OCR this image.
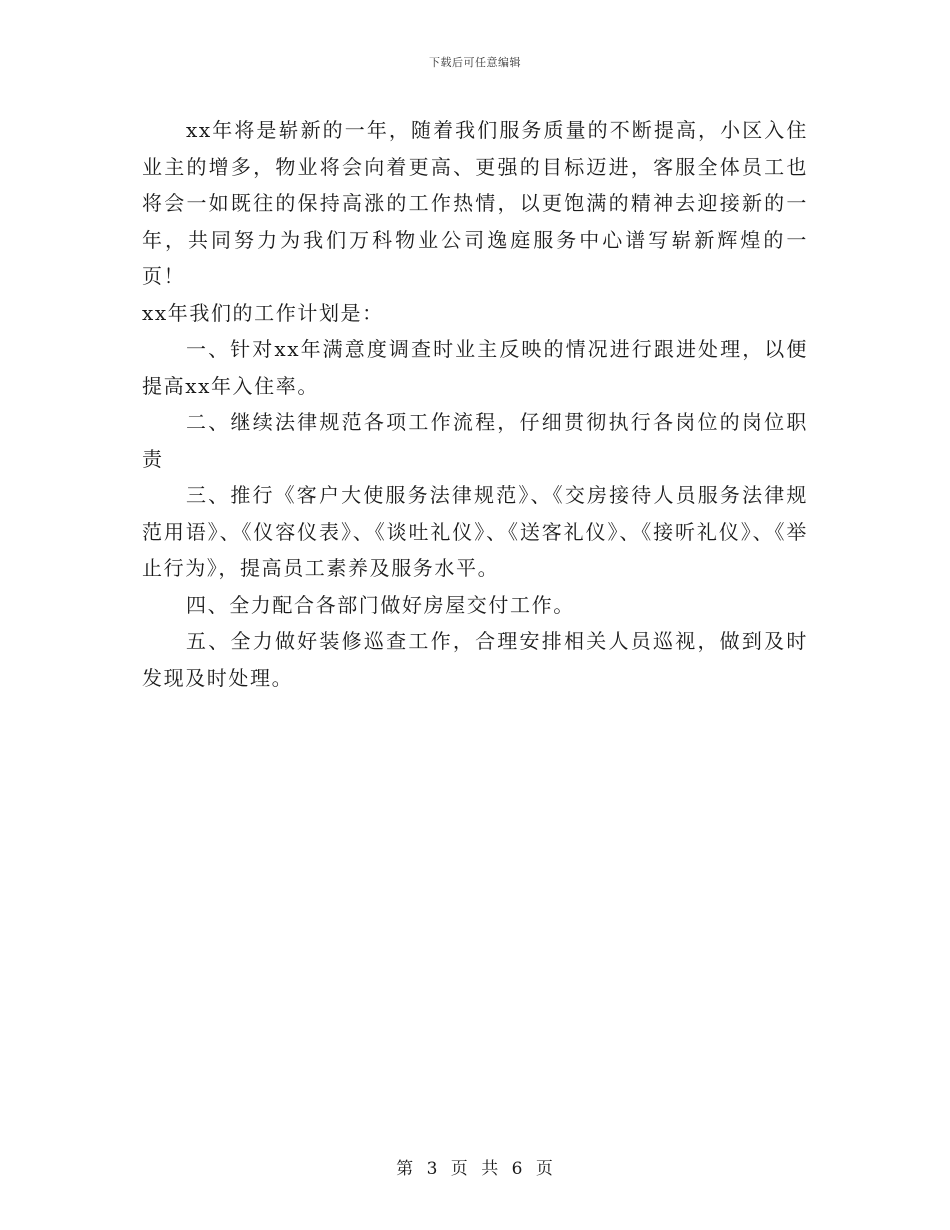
下载后可任意编辑

xx年将是崭新的一年，随着我们服务质量的不断提高，小区入住业主的增多，物业将会向着更高、更强的目标迈进，客服全体员工也将会一如既往的保持高涨的工作热情，以更饱满的精神去迎接新的一年，共同努力为我们万科物业公司逸庭服务中心谱写崭新辉煌的一页！

xx年我们的工作计划是：

一、针对xx年满意度调查时业主反映的情况进行跟进处理，以便提高xx年入住率。

二、继续法律规范各项工作流程，仔细贯彻执行各岗位的岗位职责

三、推行《客户大使服务法律规范》、《交房接待人员服务法律规范用语》、《仪容仪表》、《谈吐礼仪》、《送客礼仪》、《接听礼仪》、《举止行为》，提高员工素养及服务水平。

四、全力配合各部门做好房屋交付工作。

五、全力做好装修巡查工作，合理安排相关人员巡视，做到及时发现及时处理。

第 3 页 共 6 页
